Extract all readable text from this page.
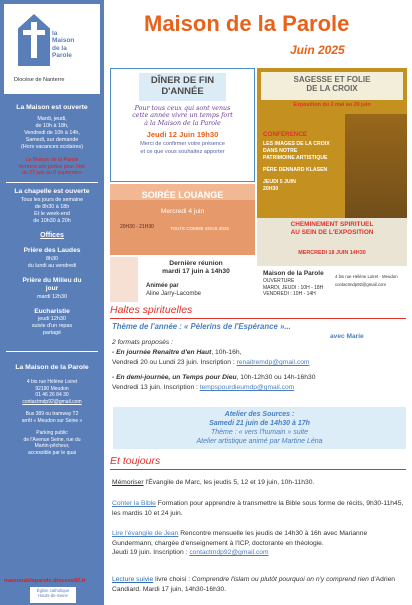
la
Maison
de la
Parole
Diocèse de Nanterre
La Maison est ouverte
Mardi, jeudi,
de 10h à 18h,
Vendredi de 10h à 14h,
Samedi, sur demande
(Hors vacances scolaires)
La Maison de la Parole
fermera ses portes pour l'été
du 27 juin au 8 septembre
La chapelle est ouverte
Tous les jours de semaine
de 8h30 à 18h
Et le week-end
de 10h30 à 20h
Offices
Prière des Laudes
8h30
du lundi au vendredi
Prière du Milieu du jour
mardi 12h30
Eucharistie
jeudi 12h30
suivie d'un repas
partagé
La Maison de la Parole
4 bis rue Hélène Loiret
92190 Meudon
01 46 26 84 30
contactmdp92@gmail.com
Bus 389 ou tramway T2
arrêt « Meudon sur Seine »
Parking public
de l'Avenue Seine, rue du
Martin-pêcheur,
accessible par le quai
maisondelaparole.diocese92.fr
Église catholique
Hauts-de-Seine
Maison de la Parole
Juin 2025
DÎNER DE FIN
D'ANNÉE
Pour tous ceux qui sont venus
cette année vivre un temps fort
à la Maison de la Parole
Jeudi 12 Juin 19h30
Merci de confirmer votre présence
et ce que vous souhaitez apporter
SAGESSE ET FOLIE
DE LA CROIX
Exposition du 2 mai au 20 juin
CONFÉRENCE
LES IMAGES DE LA CROIX
DANS NOTRE
PATRIMOINE ARTISTIQUE
PÈRE DENNARD KLASEN
JEUDI 5 JUIN
20H30
CHEMINEMENT SPIRITUEL
AU SEIN DE L'EXPOSITION
MERCREDI 18 JUIN 14H30
Maison de la Parole
OUVERTURE
MARDI, JEUDI : 10H - 18H
VENDREDI : 10H - 14H
4 bis rue Hélène Loiret · Meudon
contactmdp92@gmail.com
SOIRÉE LOUANGE
Mercredi 4 juin
20H30 - 21H30	TOUTE COMME SOUS 2025
Dernière réunion
mardi 17 juin à 14h30
Animée par
Aline Jarry-Lacombe
Haltes spirituelles
Thème de l'année : « Pèlerins de l'Espérance »...
avec Marie
2 formats proposés :
- En journée Renaître d'en Haut, 10h-16h,
Vendredi 20 ou Lundi 23 juin. Inscription : renaitremdp@gmail.com
- En demi-journée, un Temps pour Dieu, 10h-12h30 ou 14h-16h30
Vendredi 13 juin. Inscription : tempspourdieumdp@gmail.com
Atelier des Sources :
Samedi 21 juin de 14h30 à 17h
Thème : « vers l'humain » suite
Atelier artistique animé par Martine Léna
Et toujours
Mémoriser l'Évangile de Marc, les jeudis 5, 12 et 19 juin, 10h-11h30.
Conter la Bible Formation pour apprendre à transmettre la Bible sous forme de récits, 9h30-11h45, les mardis 10 et 24 juin.
Lire l'évangile de Jean Rencontre mensuelle les jeudis de 14h30 à 16h avec Marianne Gundermann, chargée d'enseignement à l'ICP, doctorante en théologie.
Jeudi 19 juin. Inscription : contactmdp92@gmail.com
Lecture suivie livre choisi : Comprendre l'islam ou plutôt pourquoi on n'y comprend rien d'Adrien Candiard. Mardi 17 juin, 14h30-16h30.
